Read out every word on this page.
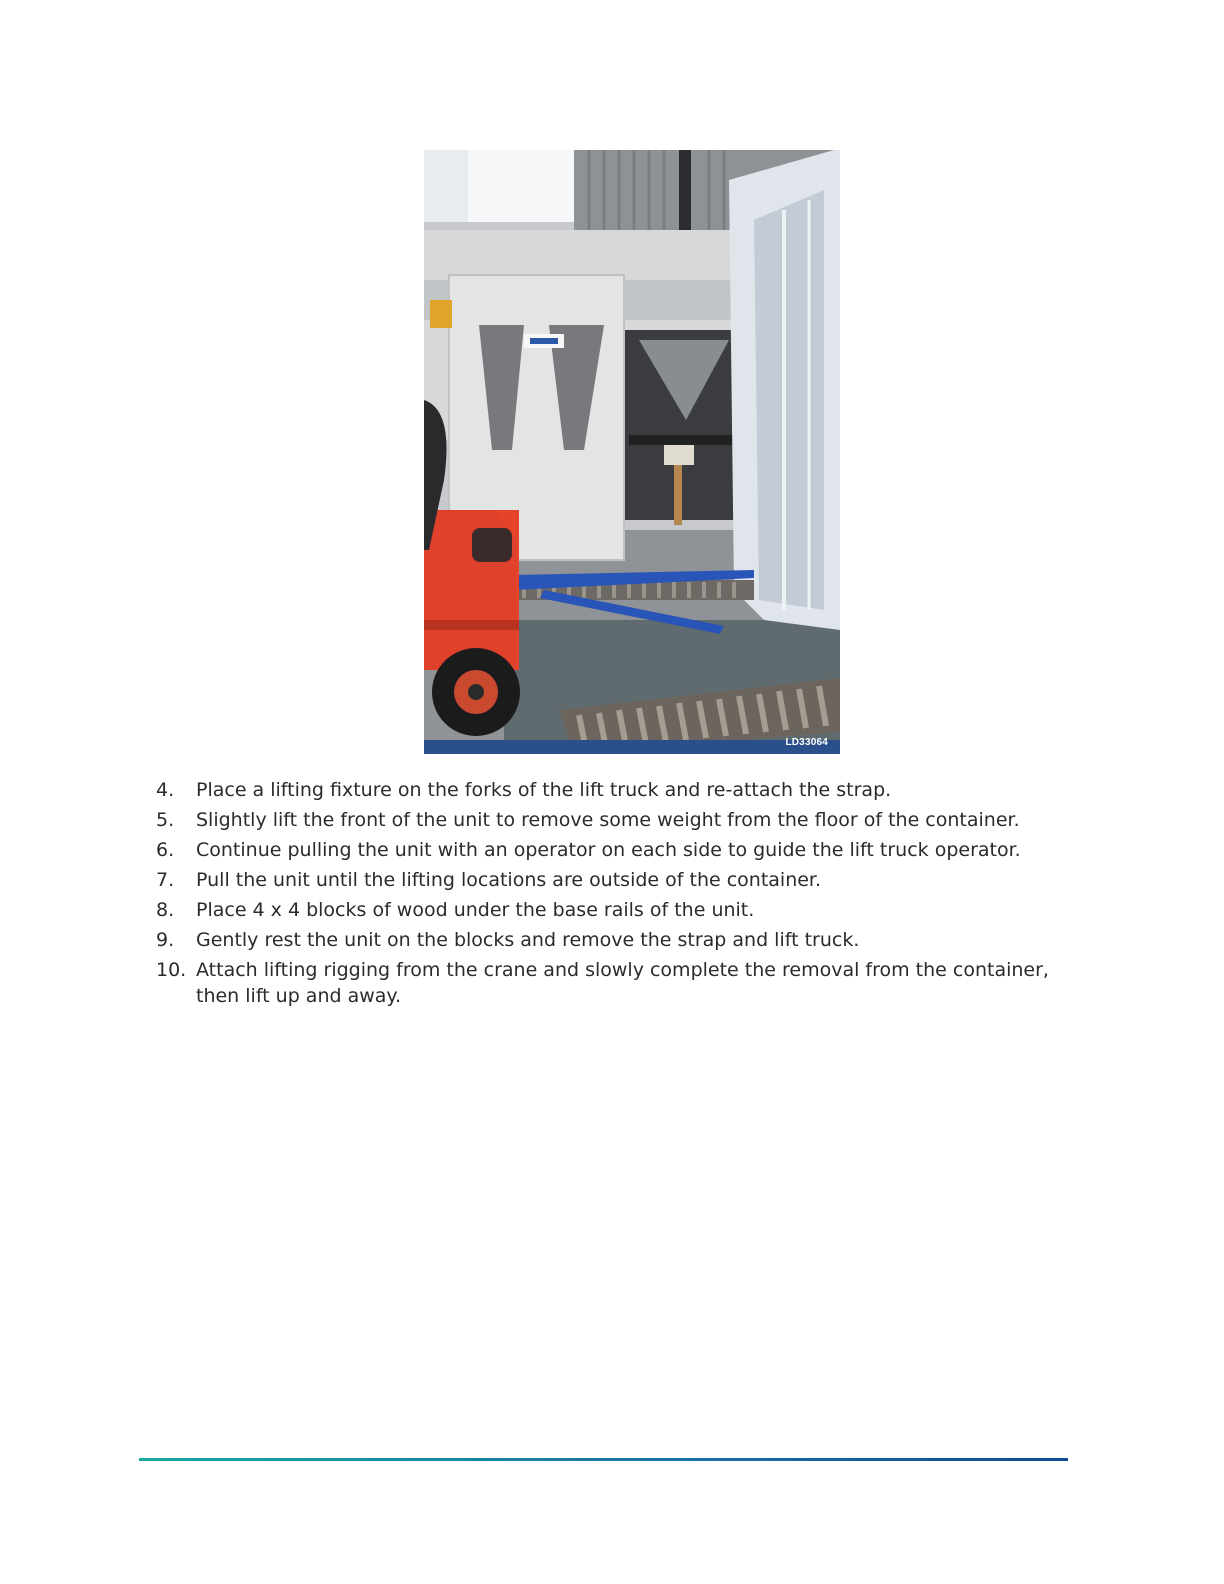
LD33064
4. Place a lifting fixture on the forks of the lift truck and re-attach the strap.
5. Slightly lift the front of the unit to remove some weight from the floor of the container.
6. Continue pulling the unit with an operator on each side to guide the lift truck operator.
7. Pull the unit until the lifting locations are outside of the container.
8. Place 4 x 4 blocks of wood under the base rails of the unit.
9. Gently rest the unit on the blocks and remove the strap and lift truck.
10. Attach lifting rigging from the crane and slowly complete the removal from the container, then lift up and away.
